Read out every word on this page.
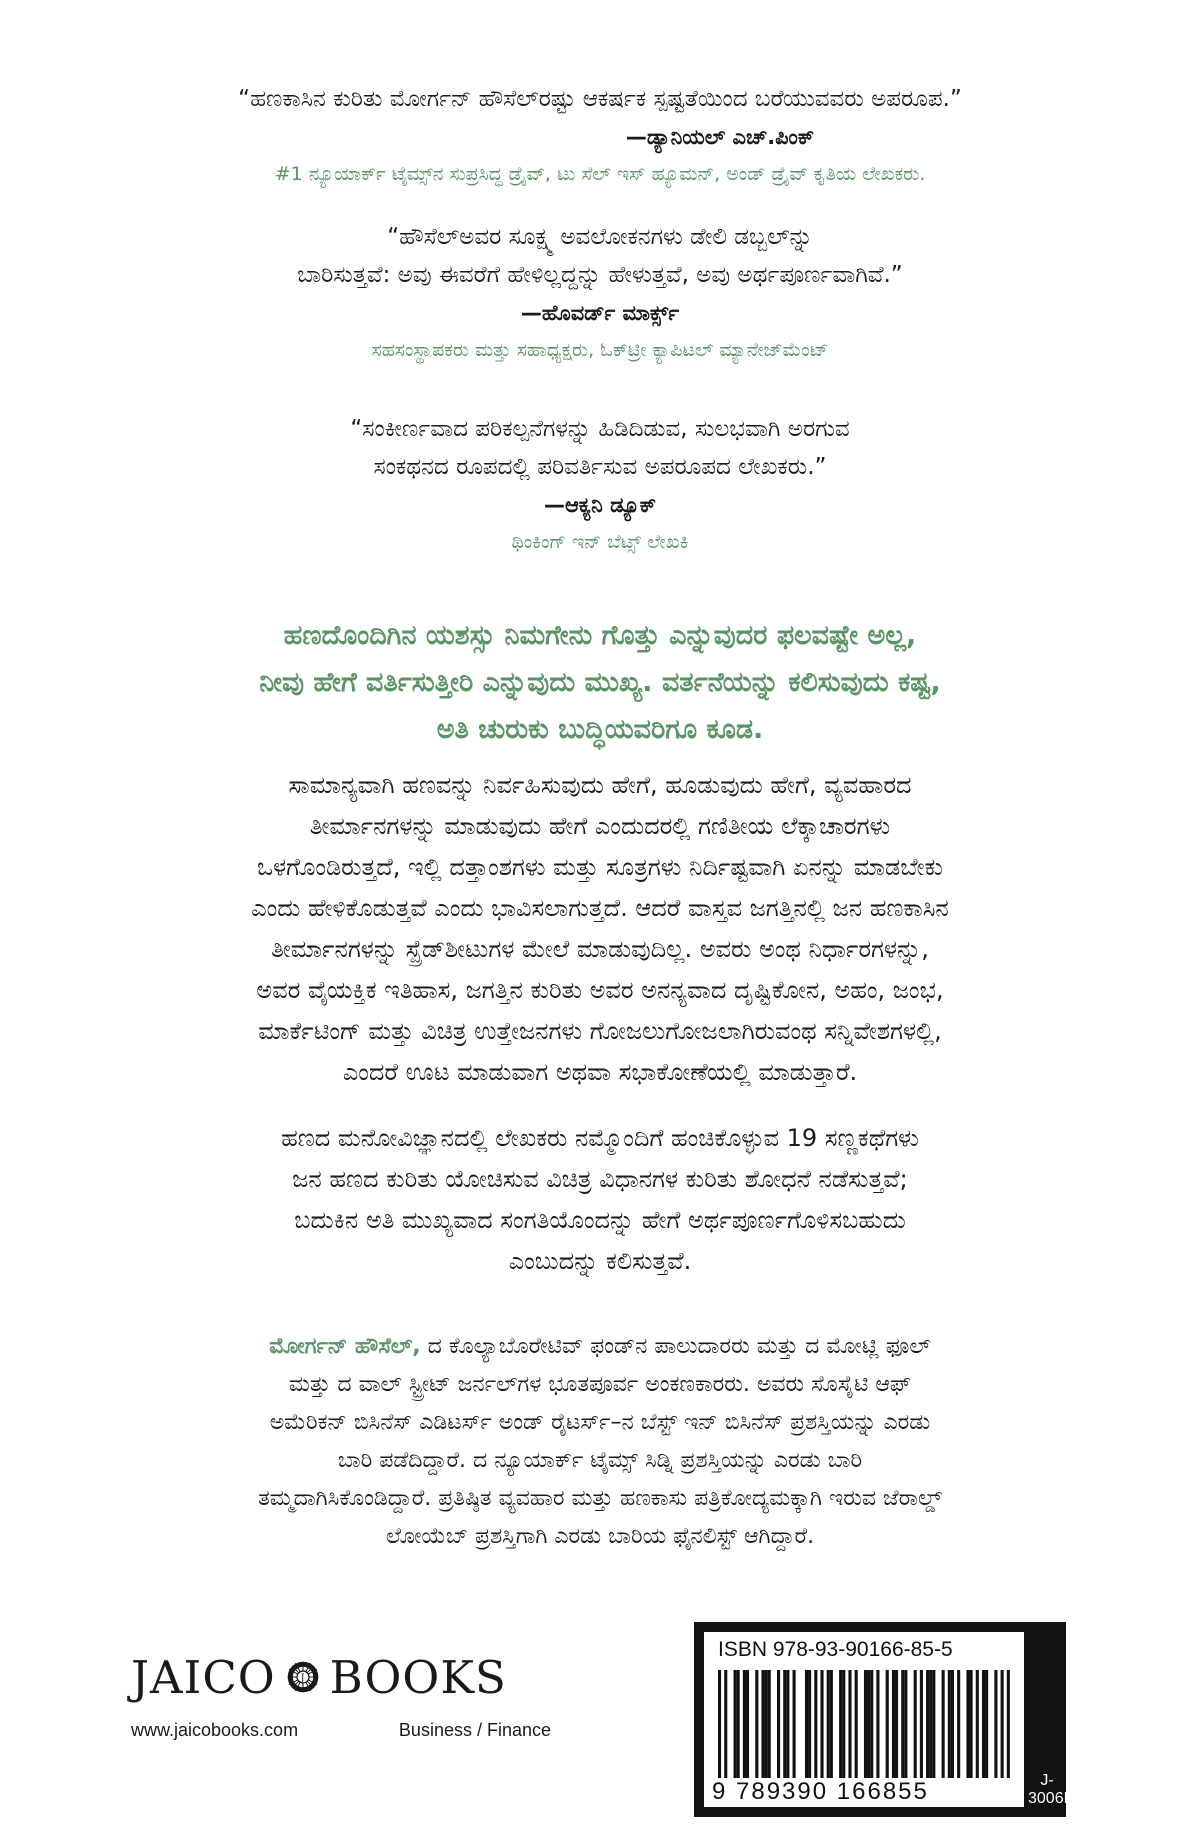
“ಹಣಕಾಸಿನ ಕುರಿತು ಮೋರ್ಗನ್ ಹೌಸೆಲ್‌ರಷ್ಟು ಆಕರ್ಷಕ ಸ್ಪಷ್ಟತೆಯಿಂದ ಬರೆಯುವವರು ಅಪರೂಪ.”

—ಡ್ಯಾನಿಯಲ್ ಎಚ್.ಪಿಂಕ್

#1 ನ್ಯೂಯಾರ್ಕ್ ಟೈಮ್ಸ್‌ನ ಸುಪ್ರಸಿದ್ಧ ಡ್ರೈವ್, ಟು ಸೆಲ್ ಇಸ್ ಹ್ಯೂಮನ್, ಅಂಡ್ ಡ್ರೈವ್ ಕೃತಿಯ ಲೇಖಕರು.

“ಹೌಸೆಲ್‌ಅವರ ಸೂಕ್ಷ್ಮ ಅವಲೋಕನಗಳು ಡೇಲಿ ಡಬ್ಬಲ್‌ನ್ನು

ಬಾರಿಸುತ್ತವೆ: ಅವು ಈವರೆಗೆ ಹೇಳಿಲ್ಲದ್ದನ್ನು ಹೇಳುತ್ತವೆ, ಅವು ಅರ್ಥಪೂರ್ಣವಾಗಿವೆ.”

—ಹೊವರ್ಡ್ ಮಾರ್ಕ್ಸ್

ಸಹಸಂಸ್ಥಾಪಕರು ಮತ್ತು ಸಹಾಧ್ಯಕ್ಷರು, ಓಕ್‌ಟ್ರೀ ಕ್ಯಾಪಿಟಲ್ ಮ್ಯಾನೇಜ್‌ಮೆಂಟ್

“ಸಂಕೀರ್ಣವಾದ ಪರಿಕಲ್ಪನೆಗಳನ್ನು ಹಿಡಿದಿಡುವ, ಸುಲಭವಾಗಿ ಅರಗುವ

ಸಂಕಥನದ ರೂಪದಲ್ಲಿ ಪರಿವರ್ತಿಸುವ ಅಪರೂಪದ ಲೇಖಕರು.”

—ಆಕ್ಯನಿ ಡ್ಯೂಕ್

ಥಿಂಕಿಂಗ್ ಇನ್ ಬೆಟ್ಸ್ ಲೇಖಕಿ

ಹಣದೊಂದಿಗಿನ ಯಶಸ್ಸು ನಿಮಗೇನು ಗೊತ್ತು ಎನ್ನುವುದರ ಫಲವಷ್ಟೇ ಅಲ್ಲ,

ನೀವು ಹೇಗೆ ವರ್ತಿಸುತ್ತೀರಿ ಎನ್ನುವುದು ಮುಖ್ಯ. ವರ್ತನೆಯನ್ನು ಕಲಿಸುವುದು ಕಷ್ಟ,

ಅತಿ ಚುರುಕು ಬುದ್ಧಿಯವರಿಗೂ ಕೂಡ.

ಸಾಮಾನ್ಯವಾಗಿ ಹಣವನ್ನು ನಿರ್ವಹಿಸುವುದು ಹೇಗೆ, ಹೂಡುವುದು ಹೇಗೆ, ವ್ಯವಹಾರದ

ತೀರ್ಮಾನಗಳನ್ನು ಮಾಡುವುದು ಹೇಗೆ ಎಂದುದರಲ್ಲಿ ಗಣಿತೀಯ ಲೆಕ್ಕಾಚಾರಗಳು

ಒಳಗೊಂಡಿರುತ್ತದೆ, ಇಲ್ಲಿ ದತ್ತಾಂಶಗಳು ಮತ್ತು ಸೂತ್ರಗಳು ನಿರ್ದಿಷ್ಟವಾಗಿ ಏನನ್ನು ಮಾಡಬೇಕು

ಎಂದು ಹೇಳಿಕೊಡುತ್ತವೆ ಎಂದು ಭಾವಿಸಲಾಗುತ್ತದೆ. ಆದರೆ ವಾಸ್ತವ ಜಗತ್ತಿನಲ್ಲಿ ಜನ ಹಣಕಾಸಿನ

ತೀರ್ಮಾನಗಳನ್ನು ಸ್ಪ್ರೆಡ್‌ಶೀಟುಗಳ ಮೇಲೆ ಮಾಡುವುದಿಲ್ಲ. ಅವರು ಅಂಥ ನಿರ್ಧಾರಗಳನ್ನು,

ಅವರ ವೈಯಕ್ತಿಕ ಇತಿಹಾಸ, ಜಗತ್ತಿನ ಕುರಿತು ಅವರ ಅನನ್ಯವಾದ ದೃಷ್ಟಿಕೋನ, ಅಹಂ, ಜಂಭ,

ಮಾರ್ಕೆಟಿಂಗ್ ಮತ್ತು ವಿಚಿತ್ರ ಉತ್ತೇಜನಗಳು ಗೋಜಲುಗೋಜಲಾಗಿರುವಂಥ ಸನ್ನಿವೇಶಗಳಲ್ಲಿ,

ಎಂದರೆ ಊಟ ಮಾಡುವಾಗ ಅಥವಾ ಸಭಾಕೋಣೆಯಲ್ಲಿ ಮಾಡುತ್ತಾರೆ.

ಹಣದ ಮನೋವಿಜ್ಞಾನದಲ್ಲಿ ಲೇಖಕರು ನಮ್ಮೊಂದಿಗೆ ಹಂಚಿಕೊಳ್ಳುವ 19 ಸಣ್ಣಕಥೆಗಳು

ಜನ ಹಣದ ಕುರಿತು ಯೋಚಿಸುವ ವಿಚಿತ್ರ ವಿಧಾನಗಳ ಕುರಿತು ಶೋಧನೆ ನಡೆಸುತ್ತವೆ;

ಬದುಕಿನ ಅತಿ ಮುಖ್ಯವಾದ ಸಂಗತಿಯೊಂದನ್ನು ಹೇಗೆ ಅರ್ಥಪೂರ್ಣಗೊಳಿಸಬಹುದು

ಎಂಬುದನ್ನು ಕಲಿಸುತ್ತವೆ.

ಮೋರ್ಗನ್ ಹೌಸೆಲ್, ದ ಕೊಲ್ಯಾಬೊರೇಟಿವ್ ಫಂಡ್‌ನ ಪಾಲುದಾರರು ಮತ್ತು ದ ಮೋಟ್ಲಿ ಫೂಲ್

ಮತ್ತು ದ ವಾಲ್ ಸ್ಟ್ರೀಟ್ ಜರ್ನಲ್‌ಗಳ ಭೂತಪೂರ್ವ ಅಂಕಣಕಾರರು. ಅವರು ಸೊಸೈಟಿ ಆಫ್

ಅಮೆರಿಕನ್ ಬಿಸಿನೆಸ್ ಎಡಿಟರ್ಸ್ ಅಂಡ್ ರೈಟರ್ಸ್‌–ನ ಬೆಸ್ಟ್ ಇನ್ ಬಿಸಿನೆಸ್ ಪ್ರಶಸ್ತಿಯನ್ನು ಎರಡು

ಬಾರಿ ಪಡೆದಿದ್ದಾರೆ. ದ ನ್ಯೂಯಾರ್ಕ್ ಟೈಮ್ಸ್ ಸಿಡ್ನಿ ಪ್ರಶಸ್ತಿಯನ್ನು ಎರಡು ಬಾರಿ

ತಮ್ಮದಾಗಿಸಿಕೊಂಡಿದ್ದಾರೆ. ಪ್ರತಿಷ್ಠಿತ ವ್ಯವಹಾರ ಮತ್ತು ಹಣಕಾಸು ಪತ್ರಿಕೋದ್ಯಮಕ್ಕಾಗಿ ಇರುವ ಜೆರಾಲ್ಡ್

ಲೋಯೆಬ್ ಪ್ರಶಸ್ತಿಗಾಗಿ ಎರಡು ಬಾರಿಯ ಫೈನಲಿಸ್ಟ್ ಆಗಿದ್ದಾರೆ.

JAICO J BOOKS
www.jaicobooks.com	Business / Finance
ISBN 978-93-90166-85-5
9 789390 166855	J-3006K
